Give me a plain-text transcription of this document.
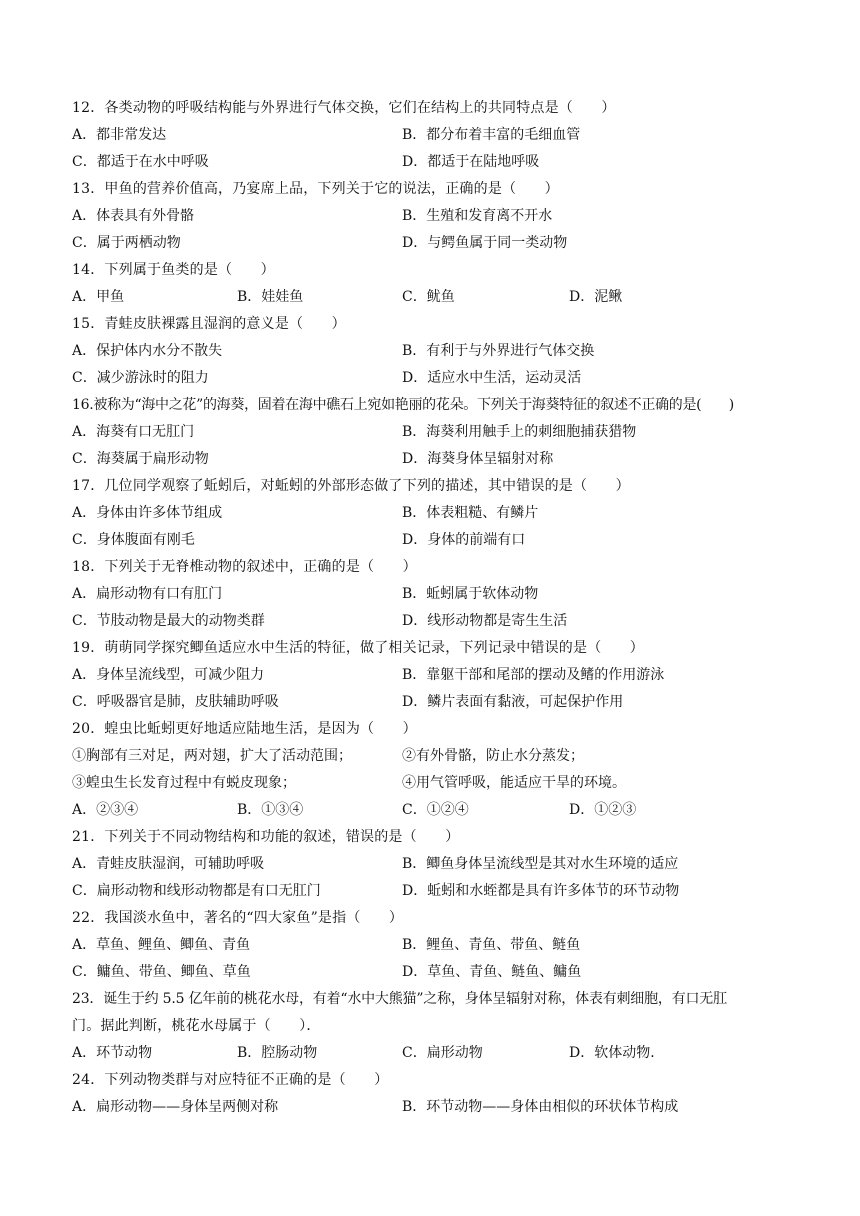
12．各类动物的呼吸结构能与外界进行气体交换，它们在结构上的共同特点是（　　）
A．都非常发达	B．都分布着丰富的毛细血管
C．都适于在水中呼吸	D．都适于在陆地呼吸
13．甲鱼的营养价值高，乃宴席上品，下列关于它的说法，正确的是（　　）
A．体表具有外骨骼	B．生殖和发育离不开水
C．属于两栖动物	D．与鳄鱼属于同一类动物
14．下列属于鱼类的是（　　）
A．甲鱼	B．娃娃鱼	C．鱿鱼	D．泥鳅
15．青蛙皮肤裸露且湿润的意义是（　　）
A．保护体内水分不散失	B．有利于与外界进行气体交换
C．减少游泳时的阻力	D．适应水中生活，运动灵活
16.被称为“海中之花”的海葵，固着在海中礁石上宛如艳丽的花朵。下列关于海葵特征的叙述不正确的是(　　)
A．海葵有口无肛门	B．海葵利用触手上的刺细胞捕获猎物
C．海葵属于扁形动物	D．海葵身体呈辐射对称
17．几位同学观察了蚯蚓后，对蚯蚓的外部形态做了下列的描述，其中错误的是（　　）
A．身体由许多体节组成	B．体表粗糙、有鳞片
C．身体腹面有刚毛	D．身体的前端有口
18．下列关于无脊椎动物的叙述中，正确的是（　　）
A．扁形动物有口有肛门	B．蚯蚓属于软体动物
C．节肢动物是最大的动物类群	D．线形动物都是寄生生活
19．萌萌同学探究鲫鱼适应水中生活的特征，做了相关记录，下列记录中错误的是（　　）
A．身体呈流线型，可减少阻力	B．靠躯干部和尾部的摆动及鳍的作用游泳
C．呼吸器官是肺，皮肤辅助呼吸	D．鳞片表面有黏液，可起保护作用
20．蝗虫比蚯蚓更好地适应陆地生活，是因为（　　）
①胸部有三对足，两对翅，扩大了活动范围；	②有外骨骼，防止水分蒸发；
③蝗虫生长发育过程中有蜕皮现象；	④用气管呼吸，能适应干旱的环境。
A．②③④	B．①③④	C．①②④	D．①②③
21．下列关于不同动物结构和功能的叙述，错误的是（　　）
A．青蛙皮肤湿润，可辅助呼吸	B．鲫鱼身体呈流线型是其对水生环境的适应
C．扁形动物和线形动物都是有口无肛门	D．蚯蚓和水蛭都是具有许多体节的环节动物
22．我国淡水鱼中，著名的“四大家鱼”是指（　　）
A．草鱼、鲤鱼、鲫鱼、青鱼	B．鲤鱼、青鱼、带鱼、鲢鱼
C．鳙鱼、带鱼、鲫鱼、草鱼	D．草鱼、青鱼、鲢鱼、鳙鱼
23．诞生于约 5.5 亿年前的桃花水母，有着“水中大熊猫”之称，身体呈辐射对称，体表有刺细胞，有口无肛
门。据此判断，桃花水母属于（　　）．
A．环节动物	B．腔肠动物	C．扁形动物	D．软体动物．
24．下列动物类群与对应特征不正确的是（　　）
A．扁形动物——身体呈两侧对称	B．环节动物——身体由相似的环状体节构成
